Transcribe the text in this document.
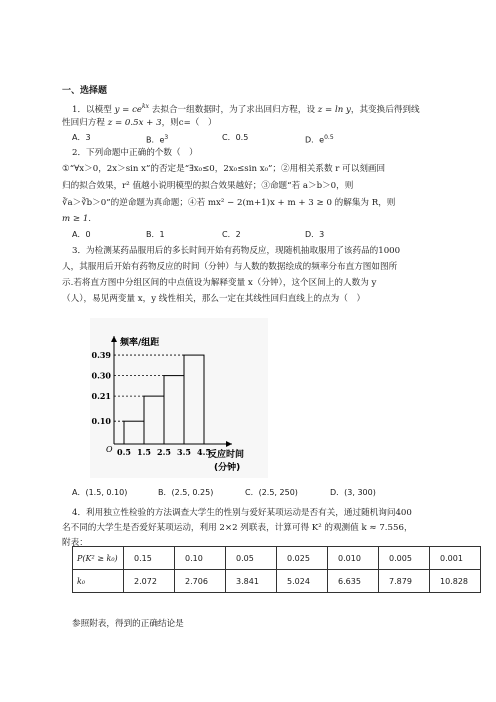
一、选择题
1．以模型 $y = ce^{kx}$ 去拟合一组数据时，为了求出回归方程，设 z = ln y，其变换后得到线
性回归方程 z = 0.5x + 3，则c=（　）
A．3	B．$e^3$	C．0.5	D．$e^{0.5}$
2．下列命题中正确的个数（　）
①“∀x＞0，2x＞sin x”的否定是“∃x₀≤0，2x₀≤sin x₀”；②用相关系数 r 可以刻画回
归的拟合效果，r² 值越小说明模型的拟合效果越好；③命题“若 a＞b＞0，则
∛a＞∛b＞0”的逆命题为真命题；④若 mx² − 2(m+1)x + m + 3 ≥ 0 的解集为 R，则
m ≥ 1.
A．0	B．1	C．2	D．3
3．为检测某药品服用后的多长时间开始有药物反应，现随机抽取服用了该药品的1000
人，其服用后开始有药物反应的时间（分钟）与人数的数据绘成的频率分布直方图如图所
示.若将直方图中分组区间的中点值设为解释变量 x（分钟），这个区间上的人数为 y
（人），易见两变量 x，y 线性相关，那么一定在其线性回归直线上的点为（　）
0.10
0.21
0.30
0.39
0.5 1.5 2.5 3.5 4.5
O
频率/组距
反应时间
(分钟)
A．(1.5, 0.10)	B．(2.5, 0.25)	C．(2.5, 250)	D．(3, 300)
4．利用独立性检验的方法调查大学生的性别与爱好某项运动是否有关，通过随机询问400
名不同的大学生是否爱好某项运动，利用 2×2 列联表，计算可得 K² 的观测值 k ≈ 7.556，
附表：
P(K² ≥ k₀)	0.15	0.10	0.05	0.025	0.010	0.005	0.001
k₀	2.072	2.706	3.841	5.024	6.635	7.879	10.828
参照附表，得到的正确结论是
